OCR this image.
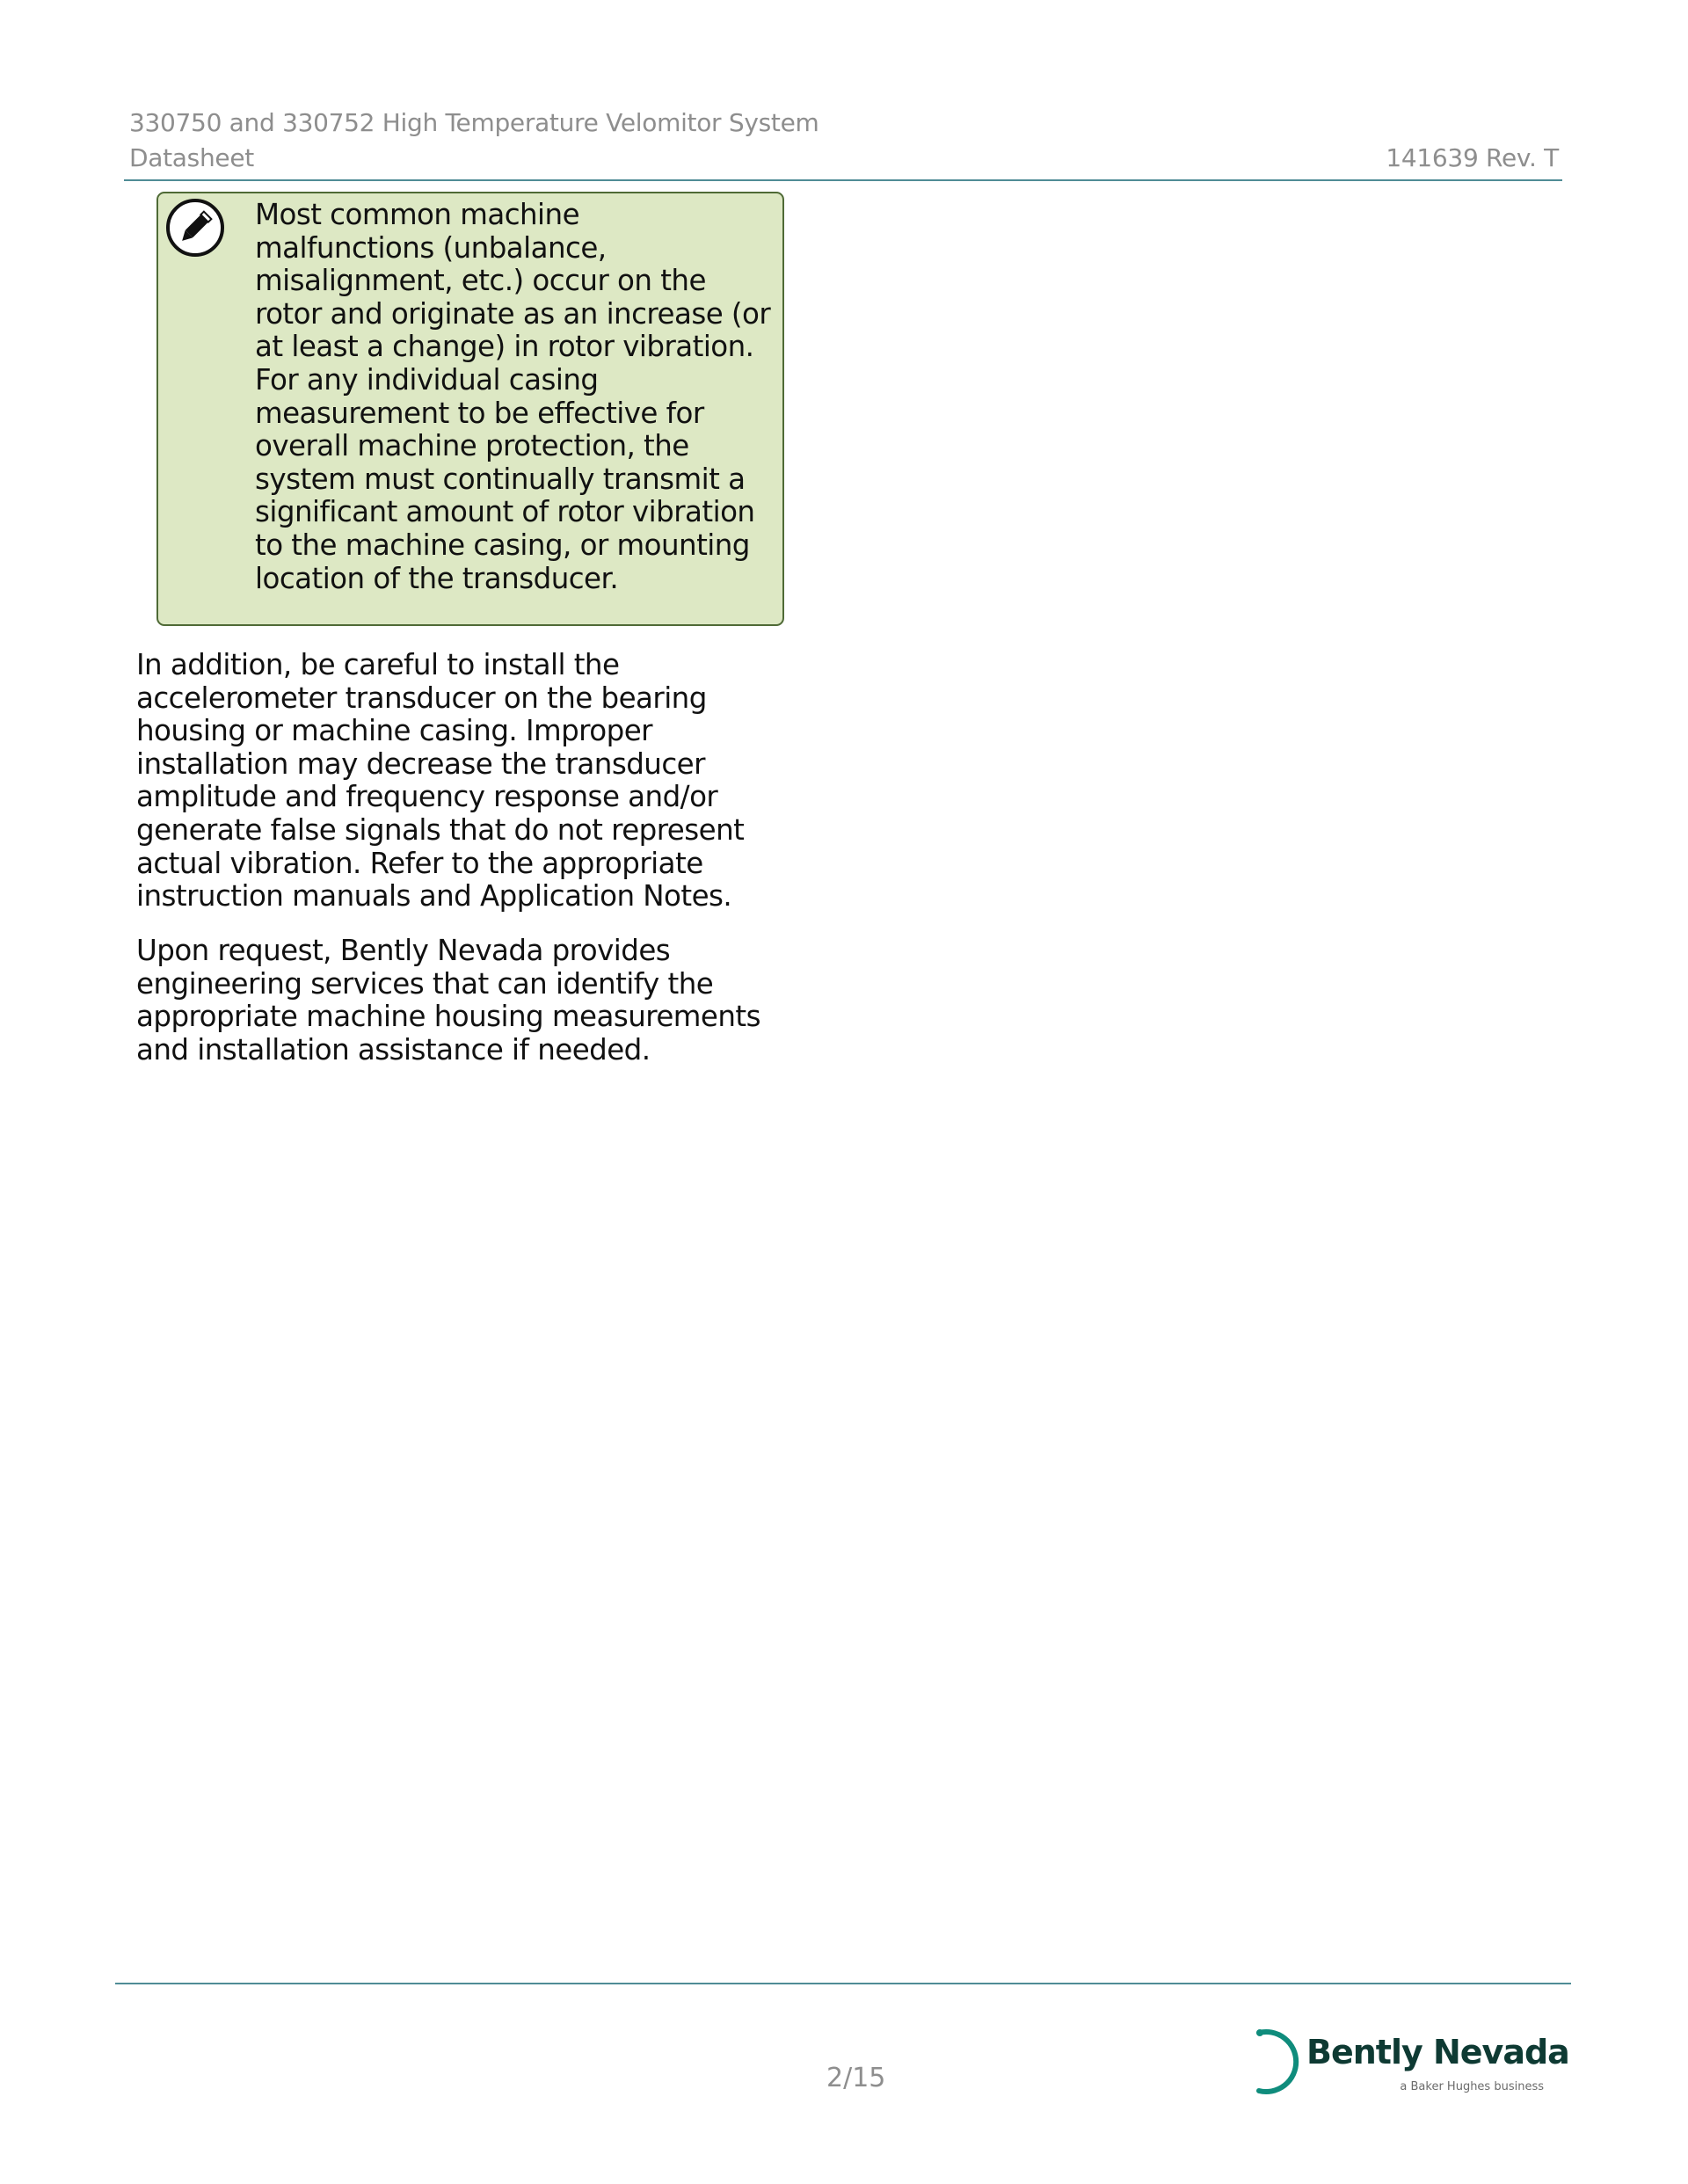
330750 and 330752 High Temperature Velomitor System
Datasheet	141639 Rev. T
Most common machine
malfunctions (unbalance,
misalignment, etc.) occur on the
rotor and originate as an increase (or
at least a change) in rotor vibration.
For any individual casing
measurement to be effective for
overall machine protection, the
system must continually transmit a
significant amount of rotor vibration
to the machine casing, or mounting
location of the transducer.
In addition, be careful to install the
accelerometer transducer on the bearing
housing or machine casing. Improper
installation may decrease the transducer
amplitude and frequency response and/or
generate false signals that do not represent
actual vibration. Refer to the appropriate
instruction manuals and Application Notes.
Upon request, Bently Nevada provides
engineering services that can identify the
appropriate machine housing measurements
and installation assistance if needed.
2/15
Bently Nevada
a Baker Hughes business
